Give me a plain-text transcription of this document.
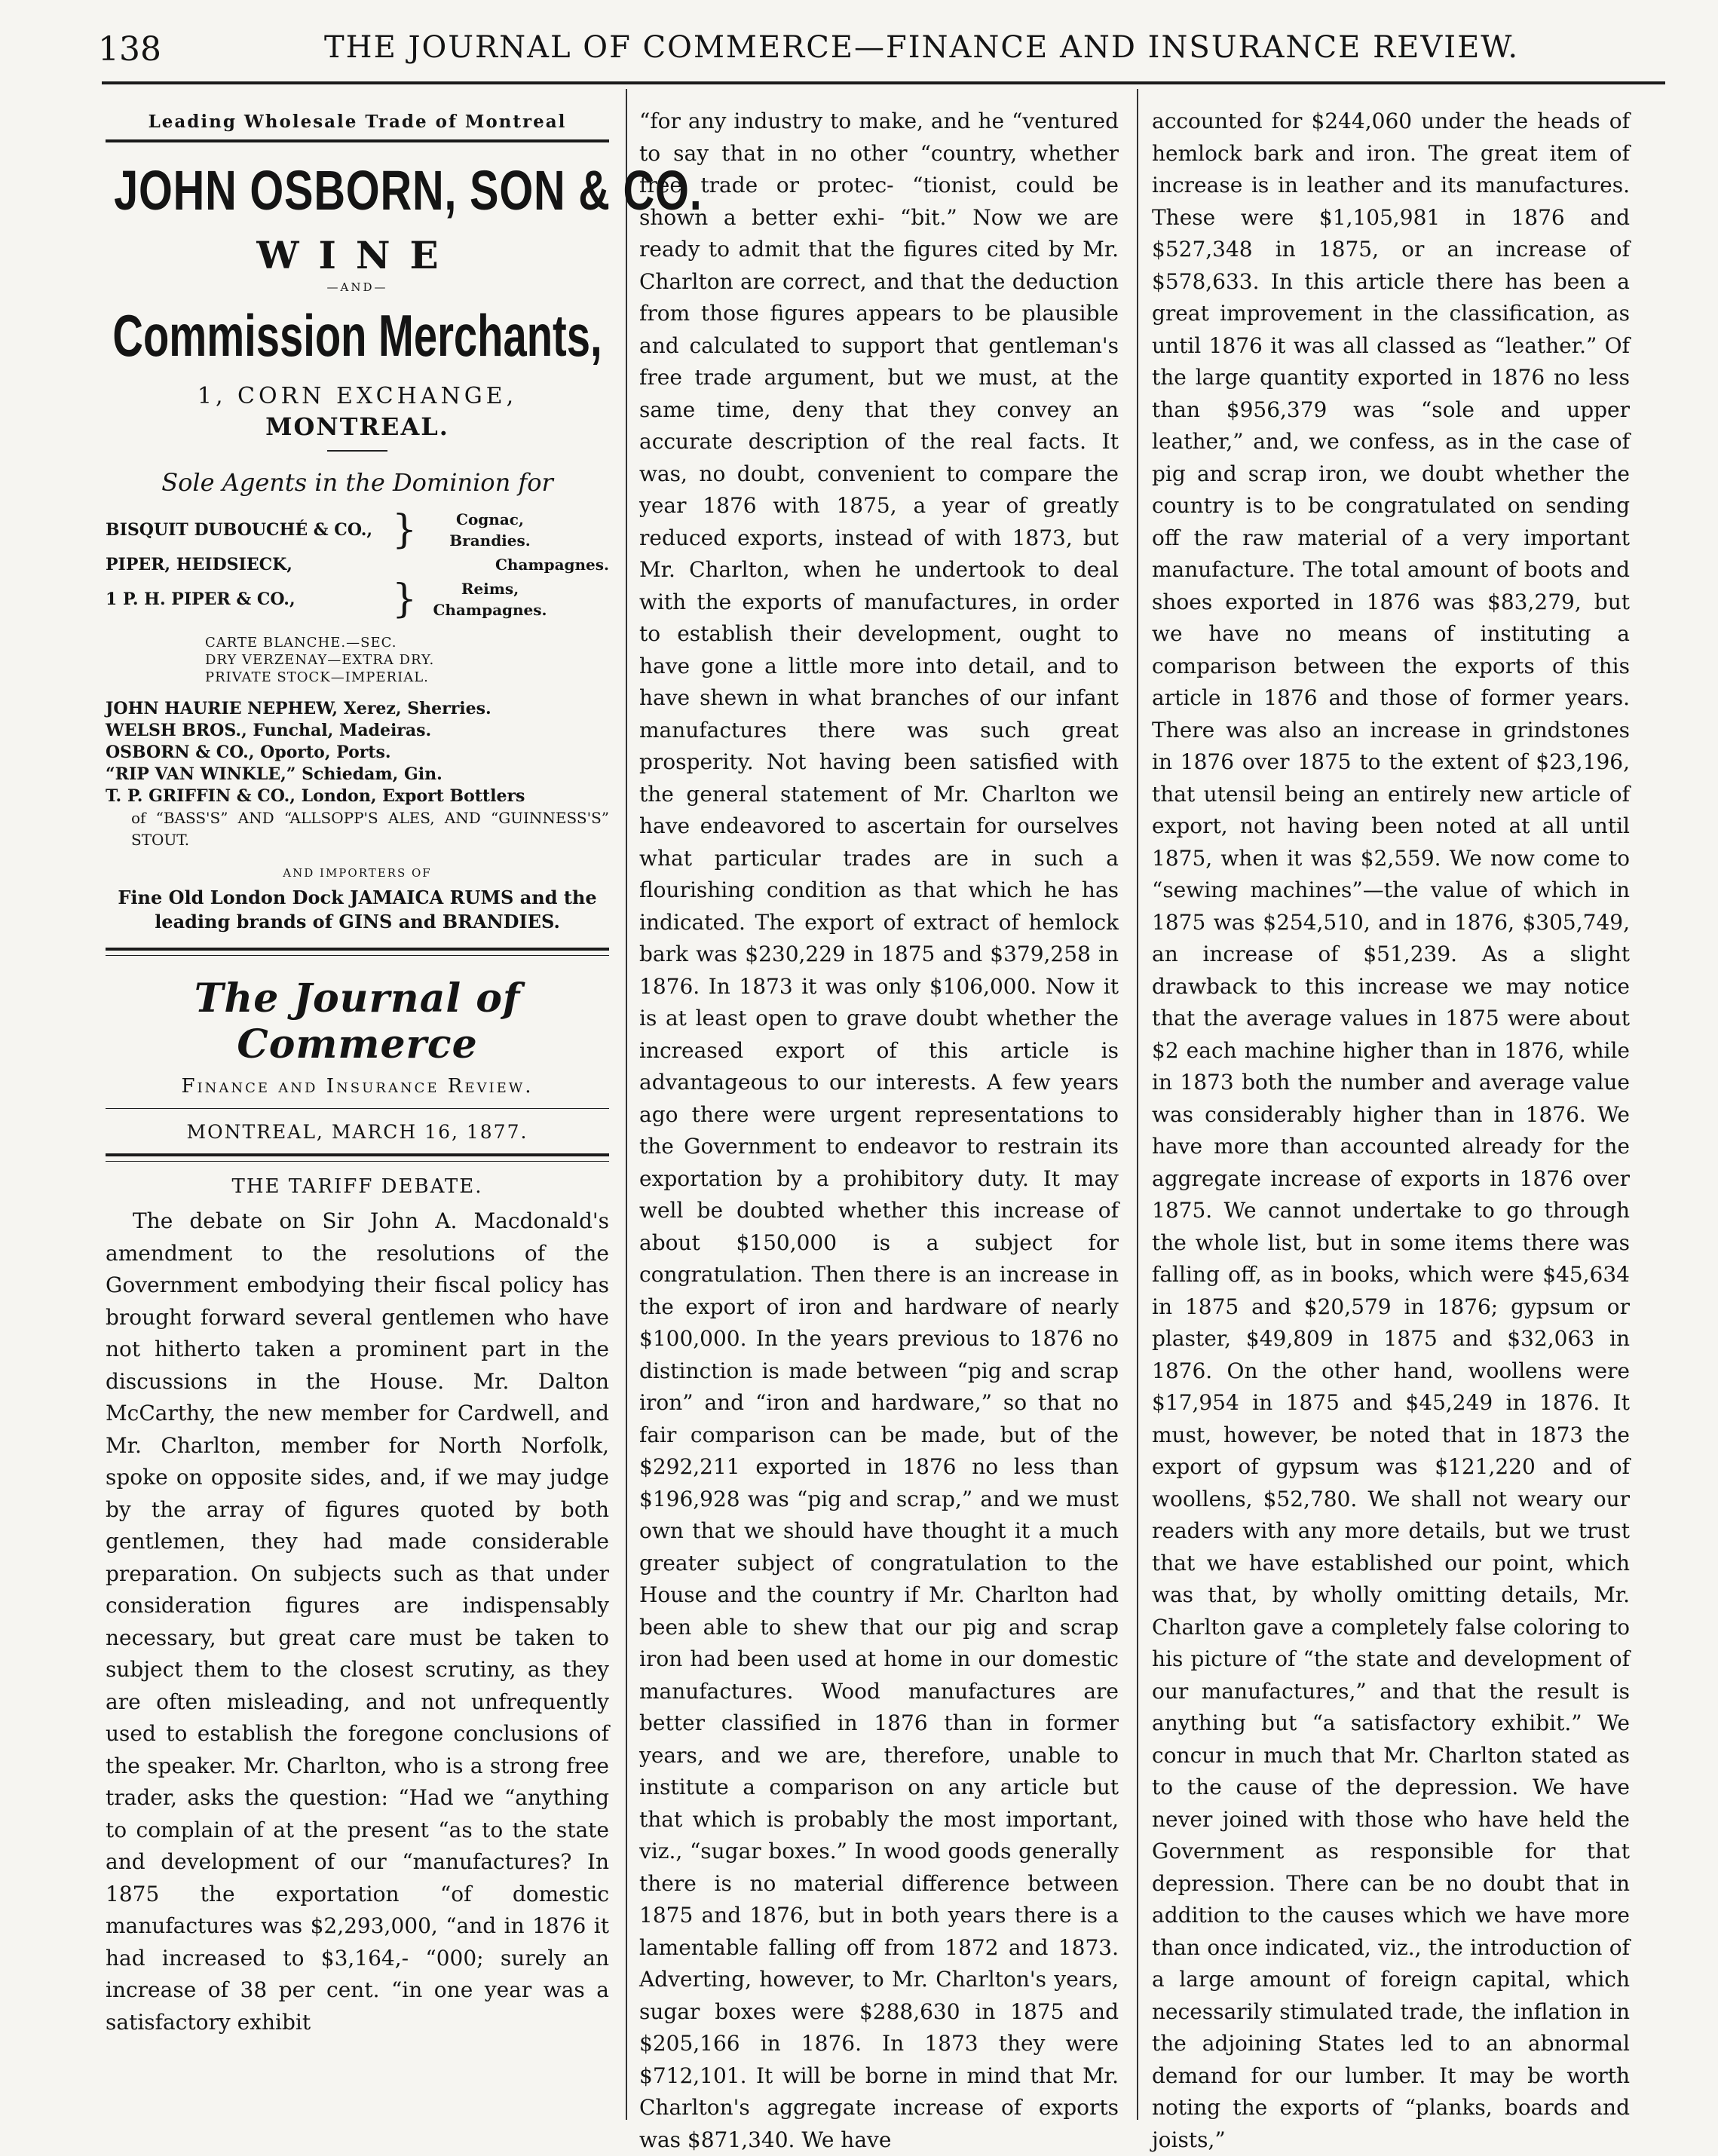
138	THE JOURNAL OF COMMERCE—FINANCE AND INSURANCE REVIEW.
Leading Wholesale Trade of Montreal
JOHN OSBORN, SON & CO.
WINE
—AND—
Commission Merchants,
1, CORN EXCHANGE,
MONTREAL.
Sole Agents in the Dominion for
BISQUIT DUBOUCHÉ & CO., }	Cognac, Brandies.
PIPER, HEIDSIECK,	Champagnes.
1 P. H. PIPER & CO.,	}	Reims, Champagnes.
CARTE BLANCHE.—SEC.
DRY VERZENAY—EXTRA DRY.
PRIVATE STOCK—IMPERIAL.

JOHN HAURIE NEPHEW, Xerez, Sherries.

WELSH BROS., Funchal, Madeiras.

OSBORN & CO., Oporto, Ports.

“RIP VAN WINKLE,” Schiedam, Gin.

T. P. GRIFFIN & CO., London, Export Bottlers

of “BASS'S” AND “ALLSOPP'S ALES, AND “GUINNESS'S” STOUT.

AND IMPORTERS OF
Fine Old London Dock JAMAICA RUMS and the leading brands of GINS and BRANDIES.
The Journal of Commerce
Finance and Insurance Review.
MONTREAL, MARCH 16, 1877.
THE TARIFF DEBATE.

The debate on Sir John A. Macdonald's amendment to the resolutions of the Government embodying their fiscal policy has brought forward several gentlemen who have not hitherto taken a prominent part in the discussions in the House. Mr. Dalton McCarthy, the new member for Cardwell, and Mr. Charlton, member for North Norfolk, spoke on opposite sides, and, if we may judge by the array of figures quoted by both gentlemen, they had made considerable preparation. On subjects such as that under consideration figures are indispensably necessary, but great care must be taken to subject them to the closest scrutiny, as they are often misleading, and not unfrequently used to establish the foregone conclusions of the speaker. Mr. Charlton, who is a strong free trader, asks the question: “Had we “anything to complain of at the present “as to the state and development of our “manufactures? In 1875 the exportation “of domestic manufactures was $2,293,000, “and in 1876 it had increased to $3,164,- “000; surely an increase of 38 per cent. “in one year was a satisfactory exhibit

“for any industry to make, and he “ventured to say that in no other “country, whether free trade or protec- “tionist, could be shown a better exhi- “bit.” Now we are ready to admit that the figures cited by Mr. Charlton are correct, and that the deduction from those figures appears to be plausible and calculated to support that gentleman's free trade argument, but we must, at the same time, deny that they convey an accurate description of the real facts. It was, no doubt, convenient to compare the year 1876 with 1875, a year of greatly reduced exports, instead of with 1873, but Mr. Charlton, when he undertook to deal with the exports of manufactures, in order to establish their development, ought to have gone a little more into detail, and to have shewn in what branches of our infant manufactures there was such great prosperity. Not having been satisfied with the general statement of Mr. Charlton we have endeavored to ascertain for ourselves what particular trades are in such a flourishing condition as that which he has indicated. The export of extract of hemlock bark was $230,229 in 1875 and $379,258 in 1876. In 1873 it was only $106,000. Now it is at least open to grave doubt whether the increased export of this article is advantageous to our interests. A few years ago there were urgent representations to the Government to endeavor to restrain its exportation by a prohibitory duty. It may well be doubted whether this increase of about $150,000 is a subject for congratulation. Then there is an increase in the export of iron and hardware of nearly $100,000. In the years previous to 1876 no distinction is made between “pig and scrap iron” and “iron and hardware,” so that no fair comparison can be made, but of the $292,211 exported in 1876 no less than $196,928 was “pig and scrap,” and we must own that we should have thought it a much greater subject of congratulation to the House and the country if Mr. Charlton had been able to shew that our pig and scrap iron had been used at home in our domestic manufactures. Wood manufactures are better classified in 1876 than in former years, and we are, therefore, unable to institute a comparison on any article but that which is probably the most important, viz., “sugar boxes.” In wood goods generally there is no material difference between 1875 and 1876, but in both years there is a lamentable falling off from 1872 and 1873. Adverting, however, to Mr. Charlton's years, sugar boxes were $288,630 in 1875 and $205,166 in 1876. In 1873 they were $712,101. It will be borne in mind that Mr. Charlton's aggregate increase of exports was $871,340. We have

accounted for $244,060 under the heads of hemlock bark and iron. The great item of increase is in leather and its manufactures. These were $1,105,981 in 1876 and $527,348 in 1875, or an increase of $578,633. In this article there has been a great improvement in the classification, as until 1876 it was all classed as “leather.” Of the large quantity exported in 1876 no less than $956,379 was “sole and upper leather,” and, we confess, as in the case of pig and scrap iron, we doubt whether the country is to be congratulated on sending off the raw material of a very important manufacture. The total amount of boots and shoes exported in 1876 was $83,279, but we have no means of instituting a comparison between the exports of this article in 1876 and those of former years. There was also an increase in grindstones in 1876 over 1875 to the extent of $23,196, that utensil being an entirely new article of export, not having been noted at all until 1875, when it was $2,559. We now come to “sewing machines”—the value of which in 1875 was $254,510, and in 1876, $305,749, an increase of $51,239. As a slight drawback to this increase we may notice that the average values in 1875 were about $2 each machine higher than in 1876, while in 1873 both the number and average value was considerably higher than in 1876. We have more than accounted already for the aggregate increase of exports in 1876 over 1875. We cannot undertake to go through the whole list, but in some items there was falling off, as in books, which were $45,634 in 1875 and $20,579 in 1876; gypsum or plaster, $49,809 in 1875 and $32,063 in 1876. On the other hand, woollens were $17,954 in 1875 and $45,249 in 1876. It must, however, be noted that in 1873 the export of gypsum was $121,220 and of woollens, $52,780. We shall not weary our readers with any more details, but we trust that we have established our point, which was that, by wholly omitting details, Mr. Charlton gave a completely false coloring to his picture of “the state and development of our manufactures,” and that the result is anything but “a satisfactory exhibit.” We concur in much that Mr. Charlton stated as to the cause of the depression. We have never joined with those who have held the Government as responsible for that depression. There can be no doubt that in addition to the causes which we have more than once indicated, viz., the introduction of a large amount of foreign capital, which necessarily stimulated trade, the inflation in the adjoining States led to an abnormal demand for our lumber. It may be worth noting the exports of “planks, boards and joists,”
